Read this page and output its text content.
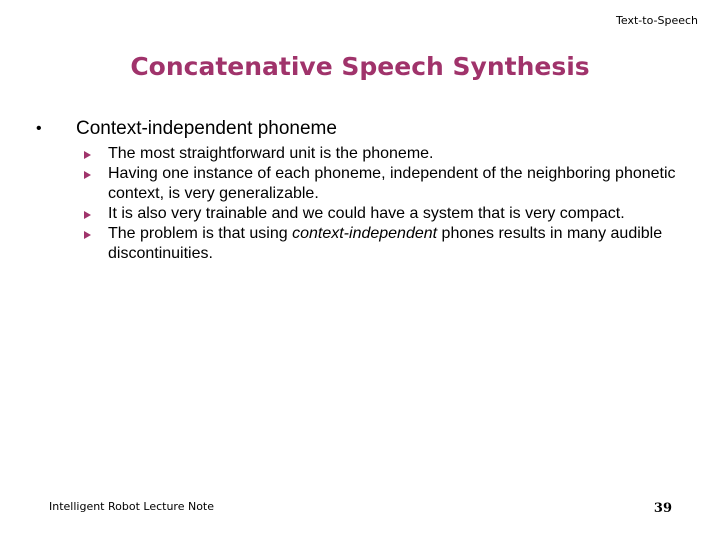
Text-to-Speech
Concatenative Speech Synthesis
•	Context-independent phoneme
The most straightforward unit is the phoneme.
Having one instance of each phoneme, independent of the neighboring phonetic context, is very generalizable.
It is also very trainable and we could have a system that is very compact.
The problem is that using context-independent phones results in many audible discontinuities.
Intelligent Robot Lecture Note	39
